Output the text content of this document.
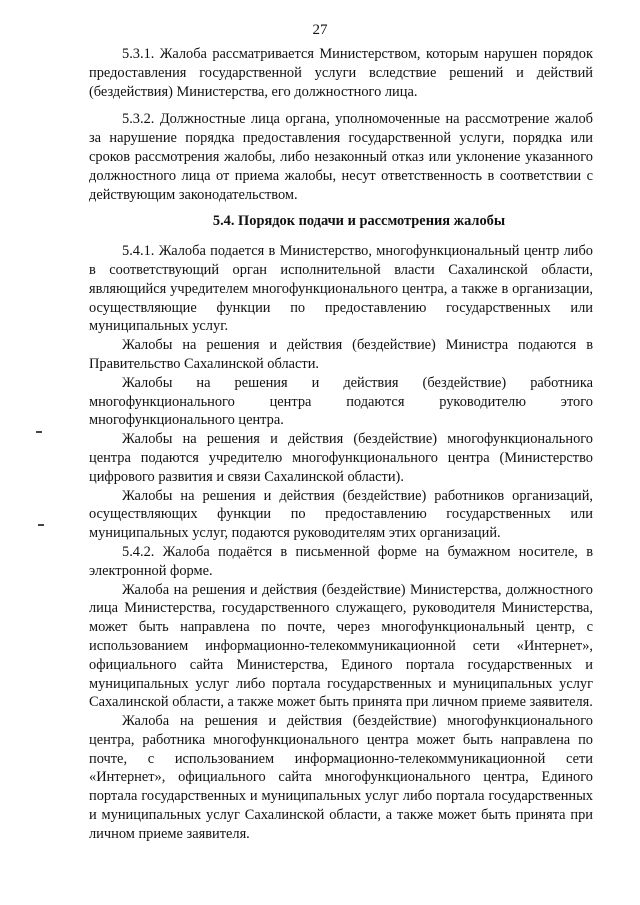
27

5.3.1. Жалоба рассматривается Министерством, которым нарушен порядок предоставления государственной услуги вследствие решений и действий (бездействия) Министерства, его должностного лица.

5.3.2. Должностные лица органа, уполномоченные на рассмотрение жалоб за нарушение порядка предоставления государственной услуги, порядка или сроков рассмотрения жалобы, либо незаконный отказ или уклонение указанного должностного лица от приема жалобы, несут ответственность в соответствии с действующим законодательством.

5.4. Порядок подачи и рассмотрения жалобы

5.4.1. Жалоба подается в Министерство, многофункциональный центр либо в соответствующий орган исполнительной власти Сахалинской области, являющийся учредителем многофункционального центра, а также в организации, осуществляющие функции по предоставлению государственных или муниципальных услуг.

Жалобы на решения и действия (бездействие) Министра подаются в Правительство Сахалинской области.

Жалобы на решения и действия (бездействие) работника многофункционального центра подаются руководителю этого многофункционального центра.

Жалобы на решения и действия (бездействие) многофункционального центра подаются учредителю многофункционального центра (Министерство цифрового развития и связи Сахалинской области).

Жалобы на решения и действия (бездействие) работников организаций, осуществляющих функции по предоставлению государственных или муниципальных услуг, подаются руководителям этих организаций.

5.4.2. Жалоба подаётся в письменной форме на бумажном носителе, в электронной форме.

Жалоба на решения и действия (бездействие) Министерства, должностного лица Министерства, государственного служащего, руководителя Министерства, может быть направлена по почте, через многофункциональный центр, с использованием информационно-телекоммуникационной сети «Интернет», официального сайта Министерства, Единого портала государственных и муниципальных услуг либо портала государственных и муниципальных услуг Сахалинской области, а также может быть принята при личном приеме заявителя.

Жалоба на решения и действия (бездействие) многофункционального центра, работника многофункционального центра может быть направлена по почте, с использованием информационно-телекоммуникационной сети «Интернет», официального сайта многофункционального центра, Единого портала государственных и муниципальных услуг либо портала государственных и муниципальных услуг Сахалинской области, а также может быть принята при личном приеме заявителя.
